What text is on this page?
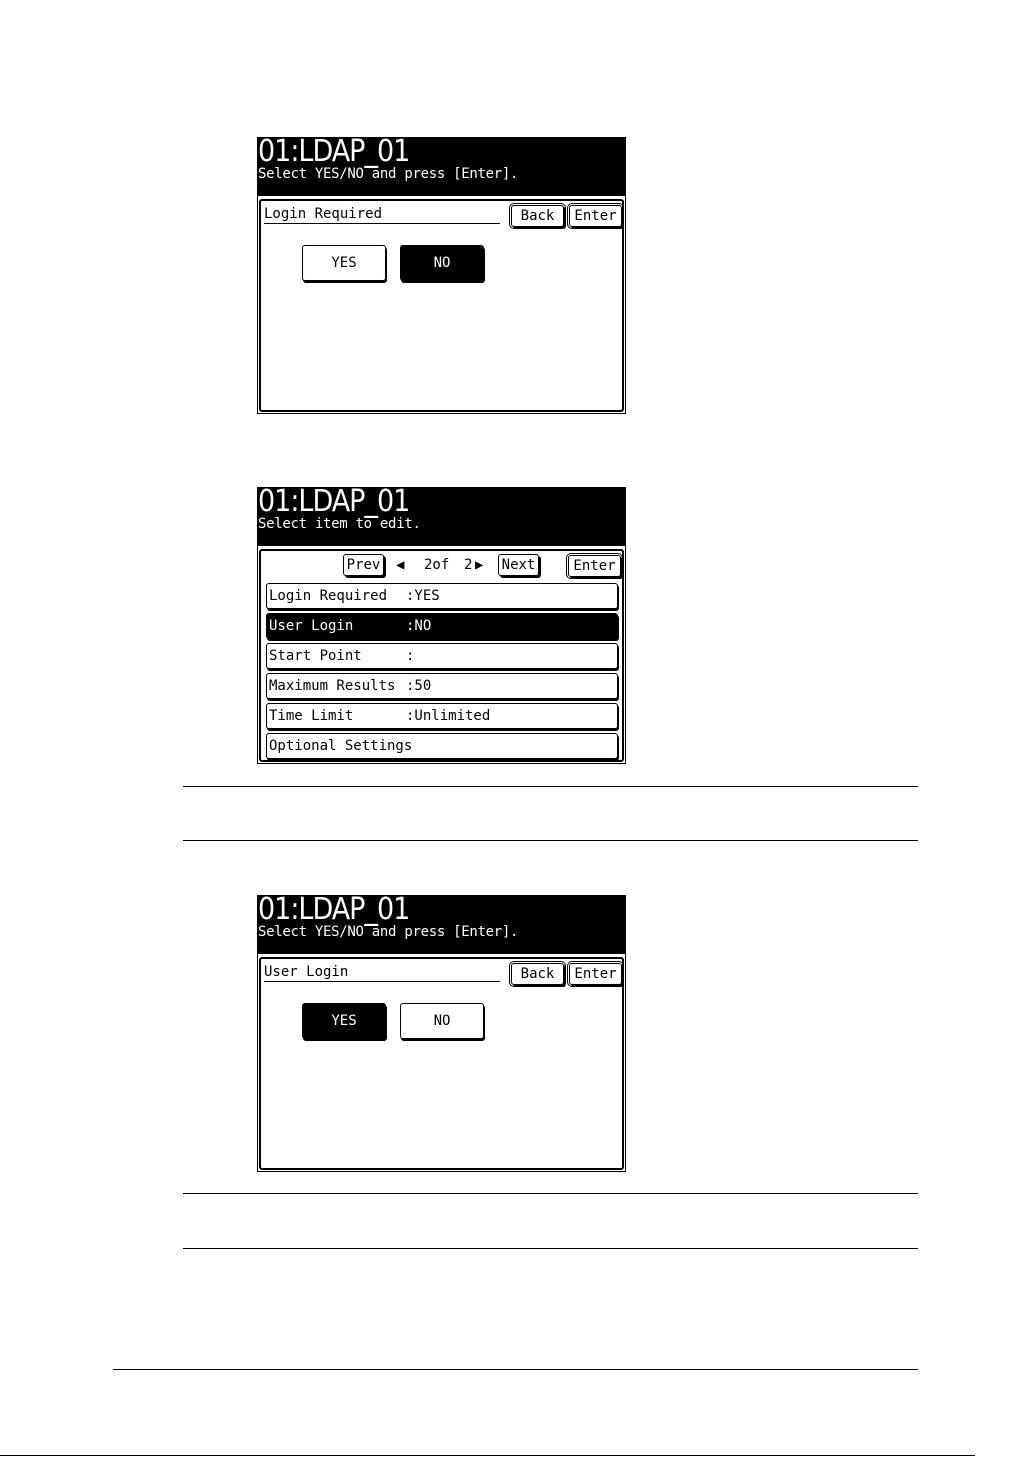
01:LDAP_01
Select YES/NO and press [Enter].
Login Required	Back	Enter
YES	NO
01:LDAP_01
Select item to edit.
Prev ◀ 2of 2 ▶ Next	Enter
Login Required :YES
User Login	:NO
Start Point	:
Maximum Results :50
Time Limit	:Unlimited
Optional Settings
01:LDAP_01
Select YES/NO and press [Enter].
User Login	Back	Enter
YES	NO
